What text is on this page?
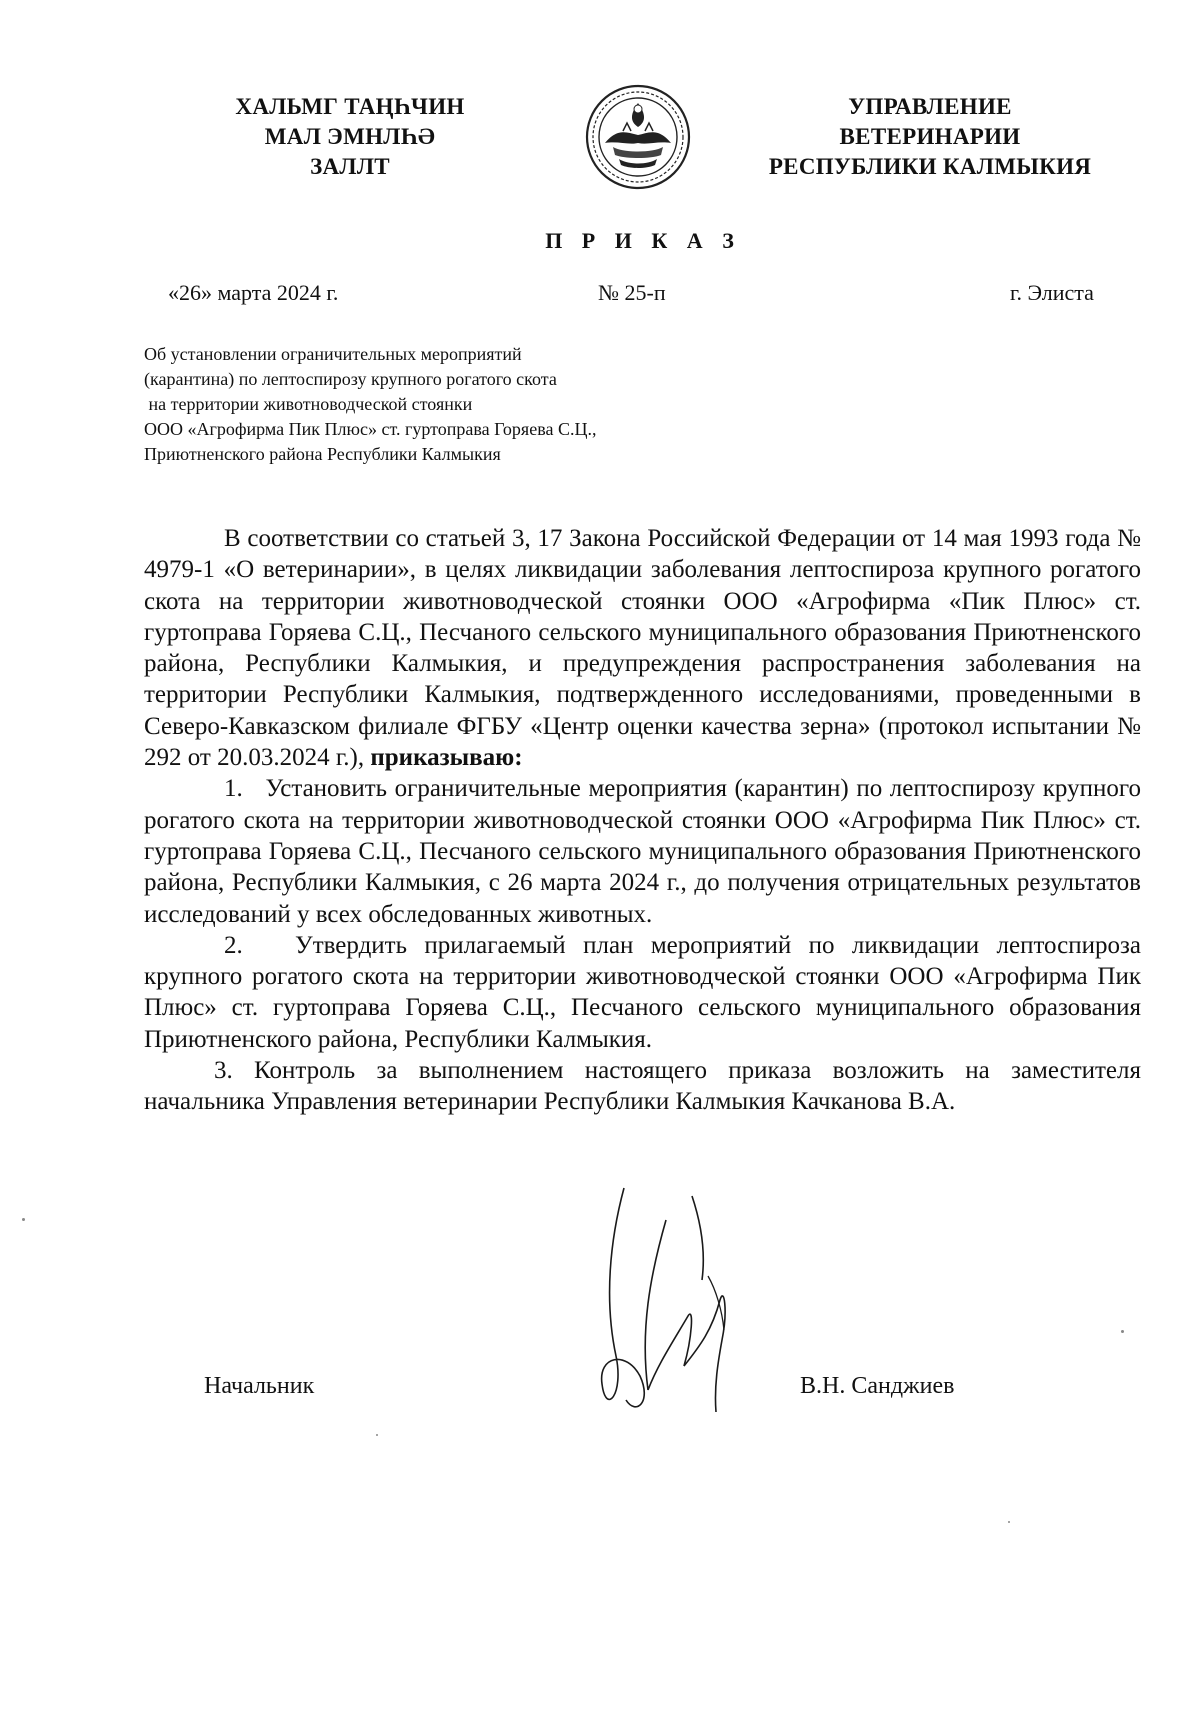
ХАЛЬМГ ТАҢҺЧИН
МАЛ ЭМНЛҺӘ
ЗАЛЛТ
УПРАВЛЕНИЕ
ВЕТЕРИНАРИИ
РЕСПУБЛИКИ КАЛМЫКИЯ
П Р И К А З
«26» марта 2024 г.	№ 25-п	г. Элиста
Об установлении ограничительных мероприятий
(карантина) по лептоспирозу крупного рогатого скота
на территории животноводческой стоянки
ООО «Агрофирма Пик Плюс» ст. гуртоправа Горяева С.Ц.,
Приютненского района Республики Калмыкия

В соответствии со статьей 3, 17 Закона Российской Федерации от 14 мая 1993 года № 4979-1 «О ветеринарии», в целях ликвидации заболевания лептоспироза крупного рогатого скота на территории животноводческой стоянки ООО «Агрофирма «Пик Плюс» ст. гуртоправа Горяева С.Ц., Песчаного сельского муниципального образования Приютненского района, Республики Калмыкия, и предупреждения распространения заболевания на территории Республики Калмыкия, подтвержденного исследованиями, проведенными в Северо-Кавказском филиале ФГБУ «Центр оценки качества зерна» (протокол испытании № 292 от 20.03.2024 г.), приказываю:

1.   Установить ограничительные мероприятия (карантин) по лептоспирозу крупного рогатого скота на территории животноводческой стоянки ООО «Агрофирма Пик Плюс» ст. гуртоправа Горяева С.Ц., Песчаного сельского муниципального образования Приютненского района, Республики Калмыкия, с 26 марта 2024 г., до получения отрицательных результатов исследований у всех обследованных животных.

2.   Утвердить прилагаемый план мероприятий по ликвидации лептоспироза крупного рогатого скота на территории животноводческой стоянки ООО «Агрофирма Пик Плюс» ст. гуртоправа Горяева С.Ц., Песчаного сельского муниципального образования Приютненского района, Республики Калмыкия.

3. Контроль за выполнением настоящего приказа возложить на заместителя начальника Управления ветеринарии Республики Калмыкия Качканова В.А.

Начальник	В.Н. Санджиев
